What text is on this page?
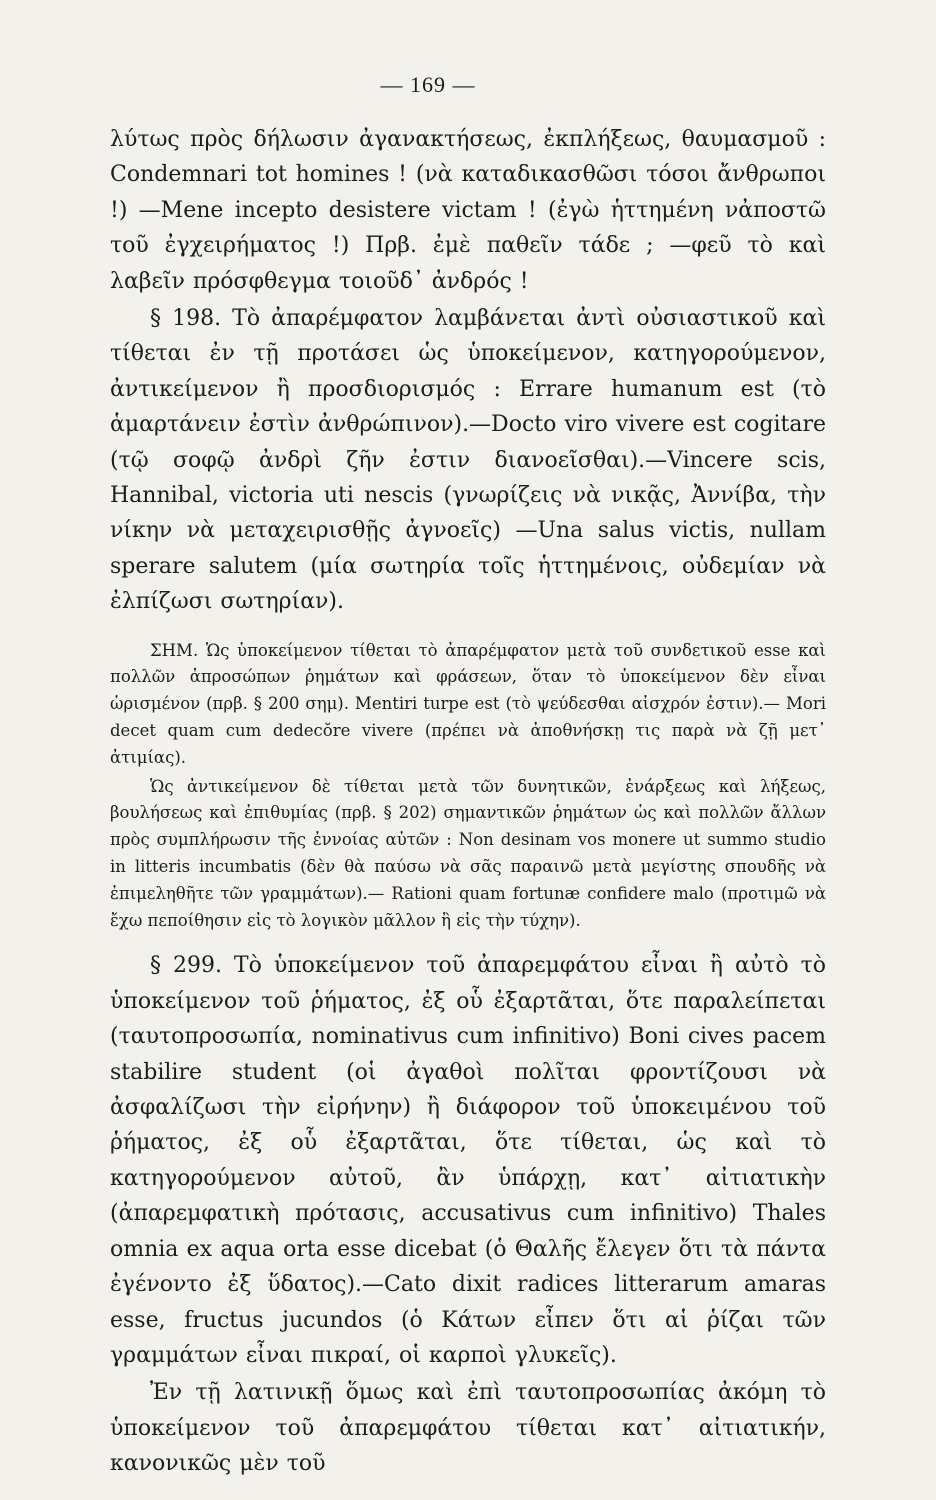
— 169 —

λύτως πρὸς δήλωσιν ἀγανακτήσεως, ἐκπλήξεως, θαυμασμοῦ : Condemnari tot homines ! (νὰ καταδικασθῶσι τόσοι ἄνθρωποι !) —Mene incepto desistere victam ! (ἐγὼ ἡττημένη νἀποστῶ τοῦ ἐγχειρήματος !) Πρβ. ἐμὲ παθεῖν τάδε ; —φεῦ τὸ καὶ λαβεῖν πρόσφθεγμα τοιοῦδ᾽ ἀνδρός !

§ 198. Τὸ ἀπαρέμφατον λαμβάνεται ἀντὶ οὐσιαστικοῦ καὶ τίθεται ἐν τῇ προτάσει ὡς ὑποκείμενον, κατηγορούμενον, ἀντικείμενον ἢ προσδιορισμός : Errare humanum est (τὸ ἁμαρτάνειν ἐστὶν ἀνθρώπινον).—Docto viro vivere est cogitare (τῷ σοφῷ ἀνδρὶ ζῆν ἐστιν διανοεῖσθαι).—Vincere scis, Hannibal, victoria uti nescis (γνωρίζεις νὰ νικᾷς, Ἀννίβα, τὴν νίκην νὰ μεταχειρισθῇς ἀγνοεῖς) —Una salus victis, nullam sperare salutem (μία σωτηρία τοῖς ἡττημένοις, οὐδεμίαν νὰ ἐλπίζωσι σωτηρίαν).

ΣΗΜ. Ὡς ὑποκείμενον τίθεται τὸ ἀπαρέμφατον μετὰ τοῦ συνδετικοῦ esse καὶ πολλῶν ἀπροσώπων ῥημάτων καὶ φράσεων, ὅταν τὸ ὑποκείμενον δὲν εἶναι ὡρισμένον (πρβ. § 200 σημ). Mentiri turpe est (τὸ ψεύδεσθαι αἰσχρόν ἐστιν).— Mori decet quam cum dedecŏre vivere (πρέπει νὰ ἀποθνήσκῃ τις παρὰ νὰ ζῇ μετ᾽ ἀτιμίας).

Ὡς ἀντικείμενον δὲ τίθεται μετὰ τῶν δυνητικῶν, ἐνάρξεως καὶ λήξεως, βουλήσεως καὶ ἐπιθυμίας (πρβ. § 202) σημαντικῶν ῥημάτων ὡς καὶ πολλῶν ἄλλων πρὸς συμπλήρωσιν τῆς ἐννοίας αὐτῶν : Non desinam vos monere ut summo studio in litteris incumbatis (δὲν θὰ παύσω νὰ σᾶς παραινῶ μετὰ μεγίστης σπουδῆς νὰ ἐπιμεληθῆτε τῶν γραμμάτων).— Rationi quam fortunæ confidere malo (προτιμῶ νὰ ἔχω πεποίθησιν εἰς τὸ λογικὸν μᾶλλον ἢ εἰς τὴν τύχην).

§ 299. Τὸ ὑποκείμενον τοῦ ἀπαρεμφάτου εἶναι ἢ αὐτὸ τὸ ὑποκείμενον τοῦ ῥήματος, ἐξ οὗ ἐξαρτᾶται, ὅτε παραλείπεται (ταυτοπροσωπία, nominativus cum infinitivo) Boni cives pacem stabilire student (οἱ ἀγαθοὶ πολῖται φροντίζουσι νὰ ἀσφαλίζωσι τὴν εἰρήνην) ἢ διάφορον τοῦ ὑποκειμένου τοῦ ῥήματος, ἐξ οὗ ἐξαρτᾶται, ὅτε τίθεται, ὡς καὶ τὸ κατηγορούμενον αὐτοῦ, ἂν ὑπάρχῃ, κατ᾽ αἰτιατικὴν (ἀπαρεμφατικὴ πρότασις, accusativus cum infinitivo) Thales omnia ex aqua orta esse dicebat (ὁ Θαλῆς ἔλεγεν ὅτι τὰ πάντα ἐγένοντο ἐξ ὕδατος).—Cato dixit radices litterarum amaras esse, fructus jucundos (ὁ Κάτων εἶπεν ὅτι αἱ ῥίζαι τῶν γραμμάτων εἶναι πικραί, οἱ καρποὶ γλυκεῖς).

Ἐν τῇ λατινικῇ ὅμως καὶ ἐπὶ ταυτοπροσωπίας ἀκόμη τὸ ὑποκείμενον τοῦ ἀπαρεμφάτου τίθεται κατ᾽ αἰτιατικήν, κανονικῶς μὲν τοῦ
